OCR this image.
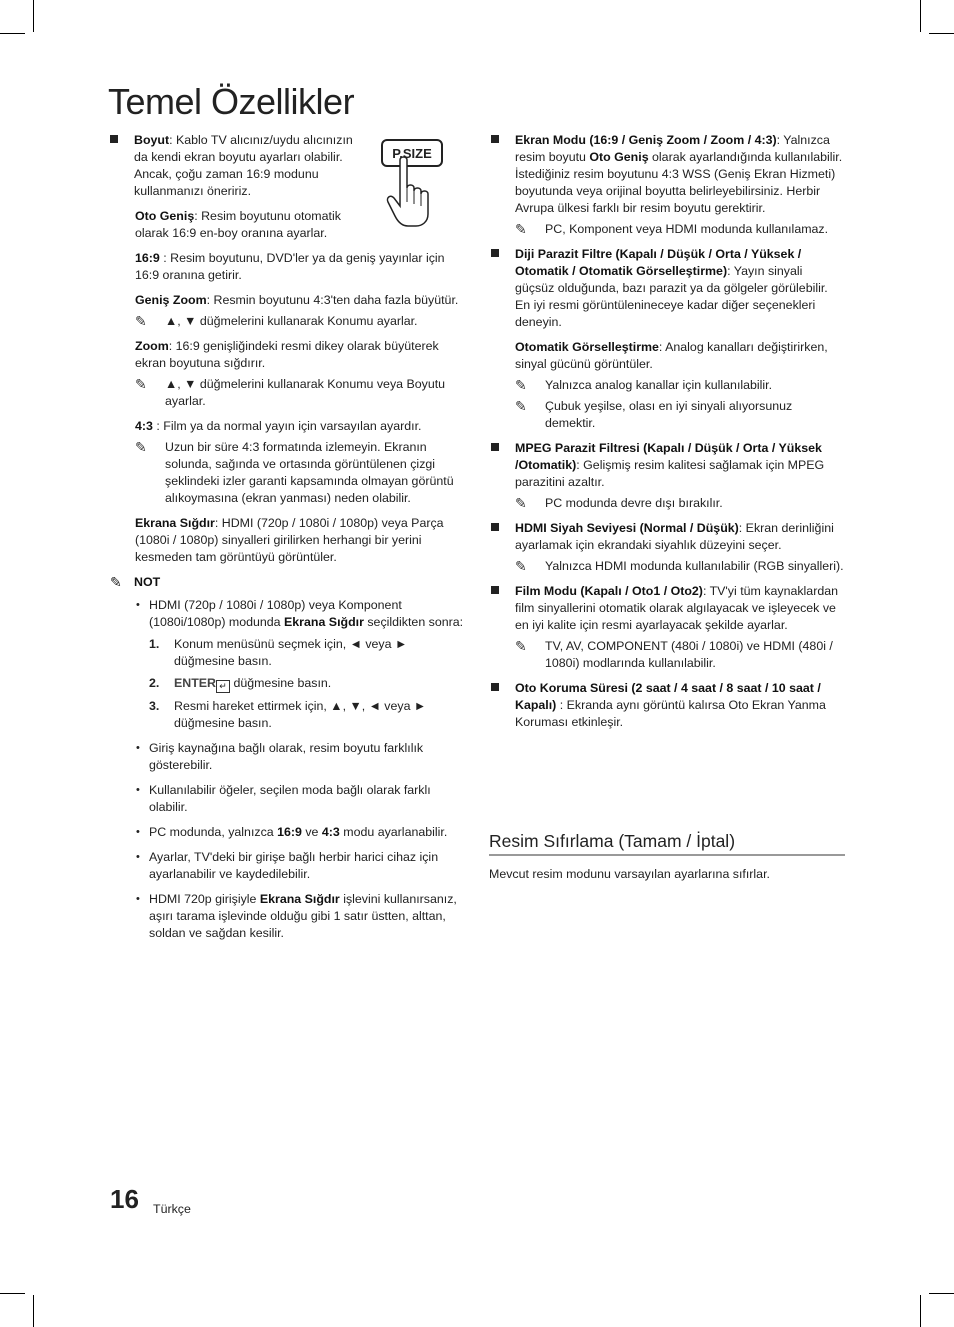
Temel Özellikler
P.SIZE
Boyut: Kablo TV alıcınız/uydu alıcınızın da kendi ekran boyutu ayarları olabilir. Ancak, çoğu zaman 16:9 modunu kullanmanızı öneririz.
Oto Geniş: Resim boyutunu otomatik olarak 16:9 en-boy oranına ayarlar.
16:9 : Resim boyutunu, DVD'ler ya da geniş yayınlar için 16:9 oranına getirir.
Geniş Zoom: Resmin boyutunu 4:3'ten daha fazla büyütür.
✎ ▲, ▼ düğmelerini kullanarak Konumu ayarlar.
Zoom: 16:9 genişliğindeki resmi dikey olarak büyüterek ekran boyutuna sığdırır.
✎ ▲, ▼ düğmelerini kullanarak Konumu veya Boyutu ayarlar.
4:3 : Film ya da normal yayın için varsayılan ayardır.
✎ Uzun bir süre 4:3 formatında izlemeyin. Ekranın solunda, sağında ve ortasında görüntülenen çizgi şeklindeki izler garanti kapsamında olmayan görüntü alıkoymasına (ekran yanması) neden olabilir.
Ekrana Sığdır: HDMI (720p / 1080i / 1080p) veya Parça (1080i / 1080p) sinyalleri girilirken herhangi bir yerini kesmeden tam görüntüyü görüntüler.
✎ NOT
• HDMI (720p / 1080i / 1080p) veya Komponent (1080i/1080p) modunda Ekrana Sığdır seçildikten sonra:
1. Konum menüsünü seçmek için, ◄ veya ► düğmesine basın.
2. ENTER ↵ düğmesine basın.
3. Resmi hareket ettirmek için, ▲, ▼, ◄ veya ► düğmesine basın.
• Giriş kaynağına bağlı olarak, resim boyutu farklılık gösterebilir.
• Kullanılabilir öğeler, seçilen moda bağlı olarak farklı olabilir.
• PC modunda, yalnızca 16:9 ve 4:3 modu ayarlanabilir.
• Ayarlar, TV'deki bir girişe bağlı herbir harici cihaz için ayarlanabilir ve kaydedilebilir.
• HDMI 720p girişiyle Ekrana Sığdır işlevini kullanırsanız, aşırı tarama işlevinde olduğu gibi 1 satır üstten, alttan, soldan ve sağdan kesilir.
Ekran Modu (16:9 / Geniş Zoom / Zoom / 4:3): Yalnızca resim boyutu Oto Geniş olarak ayarlandığında kullanılabilir. İstediğiniz resim boyutunu 4:3 WSS (Geniş Ekran Hizmeti) boyutunda veya orijinal boyutta belirleyebilirsiniz. Herbir Avrupa ülkesi farklı bir resim boyutu gerektirir.
✎ PC, Komponent veya HDMI modunda kullanılamaz.
Diji Parazit Filtre (Kapalı / Düşük / Orta / Yüksek / Otomatik / Otomatik Görselleştirme): Yayın sinyali güçsüz olduğunda, bazı parazit ya da gölgeler görülebilir. En iyi resmi görüntülenineceye kadar diğer seçenekleri deneyin.
Otomatik Görselleştirme: Analog kanalları değiştirirken, sinyal gücünü görüntüler.
✎ Yalnızca analog kanallar için kullanılabilir.
✎ Çubuk yeşilse, olası en iyi sinyali alıyorsunuz demektir.
MPEG Parazit Filtresi (Kapalı / Düşük / Orta / Yüksek /Otomatik): Gelişmiş resim kalitesi sağlamak için MPEG parazitini azaltır.
✎ PC modunda devre dışı bırakılır.
HDMI Siyah Seviyesi (Normal / Düşük): Ekran derinliğini ayarlamak için ekrandaki siyahlık düzeyini seçer.
✎ Yalnızca HDMI modunda kullanılabilir (RGB sinyalleri).
Film Modu (Kapalı / Oto1 / Oto2): TV'yi tüm kaynaklardan film sinyallerini otomatik olarak algılayacak ve işleyecek ve en iyi kalite için resmi ayarlayacak şekilde ayarlar.
✎ TV, AV, COMPONENT (480i / 1080i) ve HDMI (480i / 1080i) modlarında kullanılabilir.
Oto Koruma Süresi (2 saat / 4 saat / 8 saat / 10 saat / Kapalı) : Ekranda aynı görüntü kalırsa Oto Ekran Yanma Koruması etkinleşir.
Resim Sıfırlama (Tamam / İptal)

Mevcut resim modunu varsayılan ayarlarına sıfırlar.

16 Türkçe
